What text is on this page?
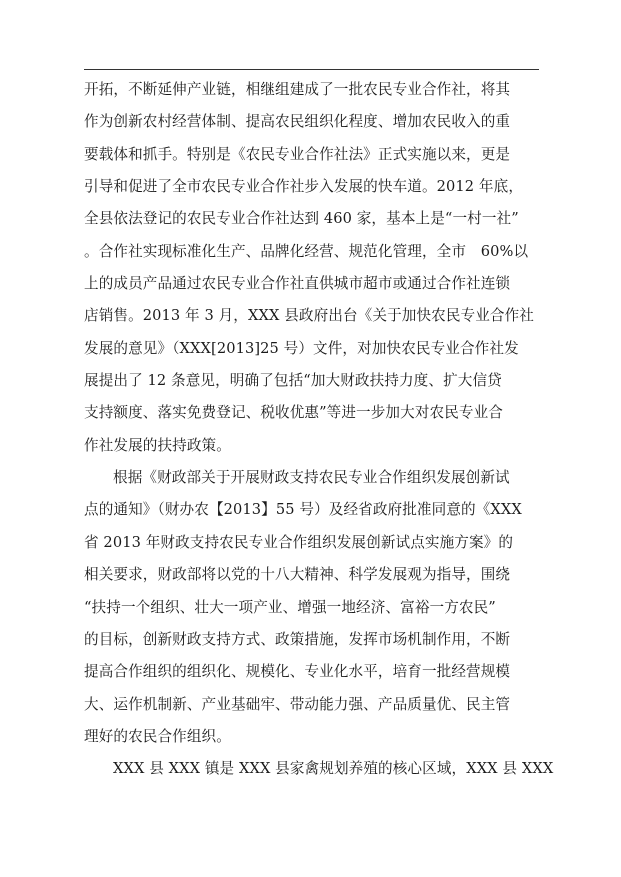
开拓，不断延伸产业链，相继组建成了一批农民专业合作社，将其
作为创新农村经营体制、提高农民组织化程度、增加农民收入的重
要载体和抓手。特别是《农民专业合作社法》正式实施以来，更是
引导和促进了全市农民专业合作社步入发展的快车道。2012 年底，
全县依法登记的农民专业合作社达到 460 家，基本上是“一村一社”
。合作社实现标准化生产、品牌化经营、规范化管理，全市　60%以
上的成员产品通过农民专业合作社直供城市超市或通过合作社连锁
店销售。2013 年 3 月，XXX 县政府出台《关于加快农民专业合作社
发展的意见》（XXX[2013]25 号）文件，对加快农民专业合作社发
展提出了 12 条意见，明确了包括“加大财政扶持力度、扩大信贷
支持额度、落实免费登记、税收优惠”等进一步加大对农民专业合
作社发展的扶持政策。
根据《财政部关于开展财政支持农民专业合作组织发展创新试
点的通知》（财办农【2013】55 号）及经省政府批准同意的《XXX
省 2013 年财政支持农民专业合作组织发展创新试点实施方案》的
相关要求，财政部将以党的十八大精神、科学发展观为指导，围绕
“扶持一个组织、壮大一项产业、增强一地经济、富裕一方农民”
的目标，创新财政支持方式、政策措施，发挥市场机制作用，不断
提高合作组织的组织化、规模化、专业化水平，培育一批经营规模
大、运作机制新、产业基础牢、带动能力强、产品质量优、民主管
理好的农民合作组织。
XXX 县 XXX 镇是 XXX 县家禽规划养殖的核心区域，XXX 县 XXX
